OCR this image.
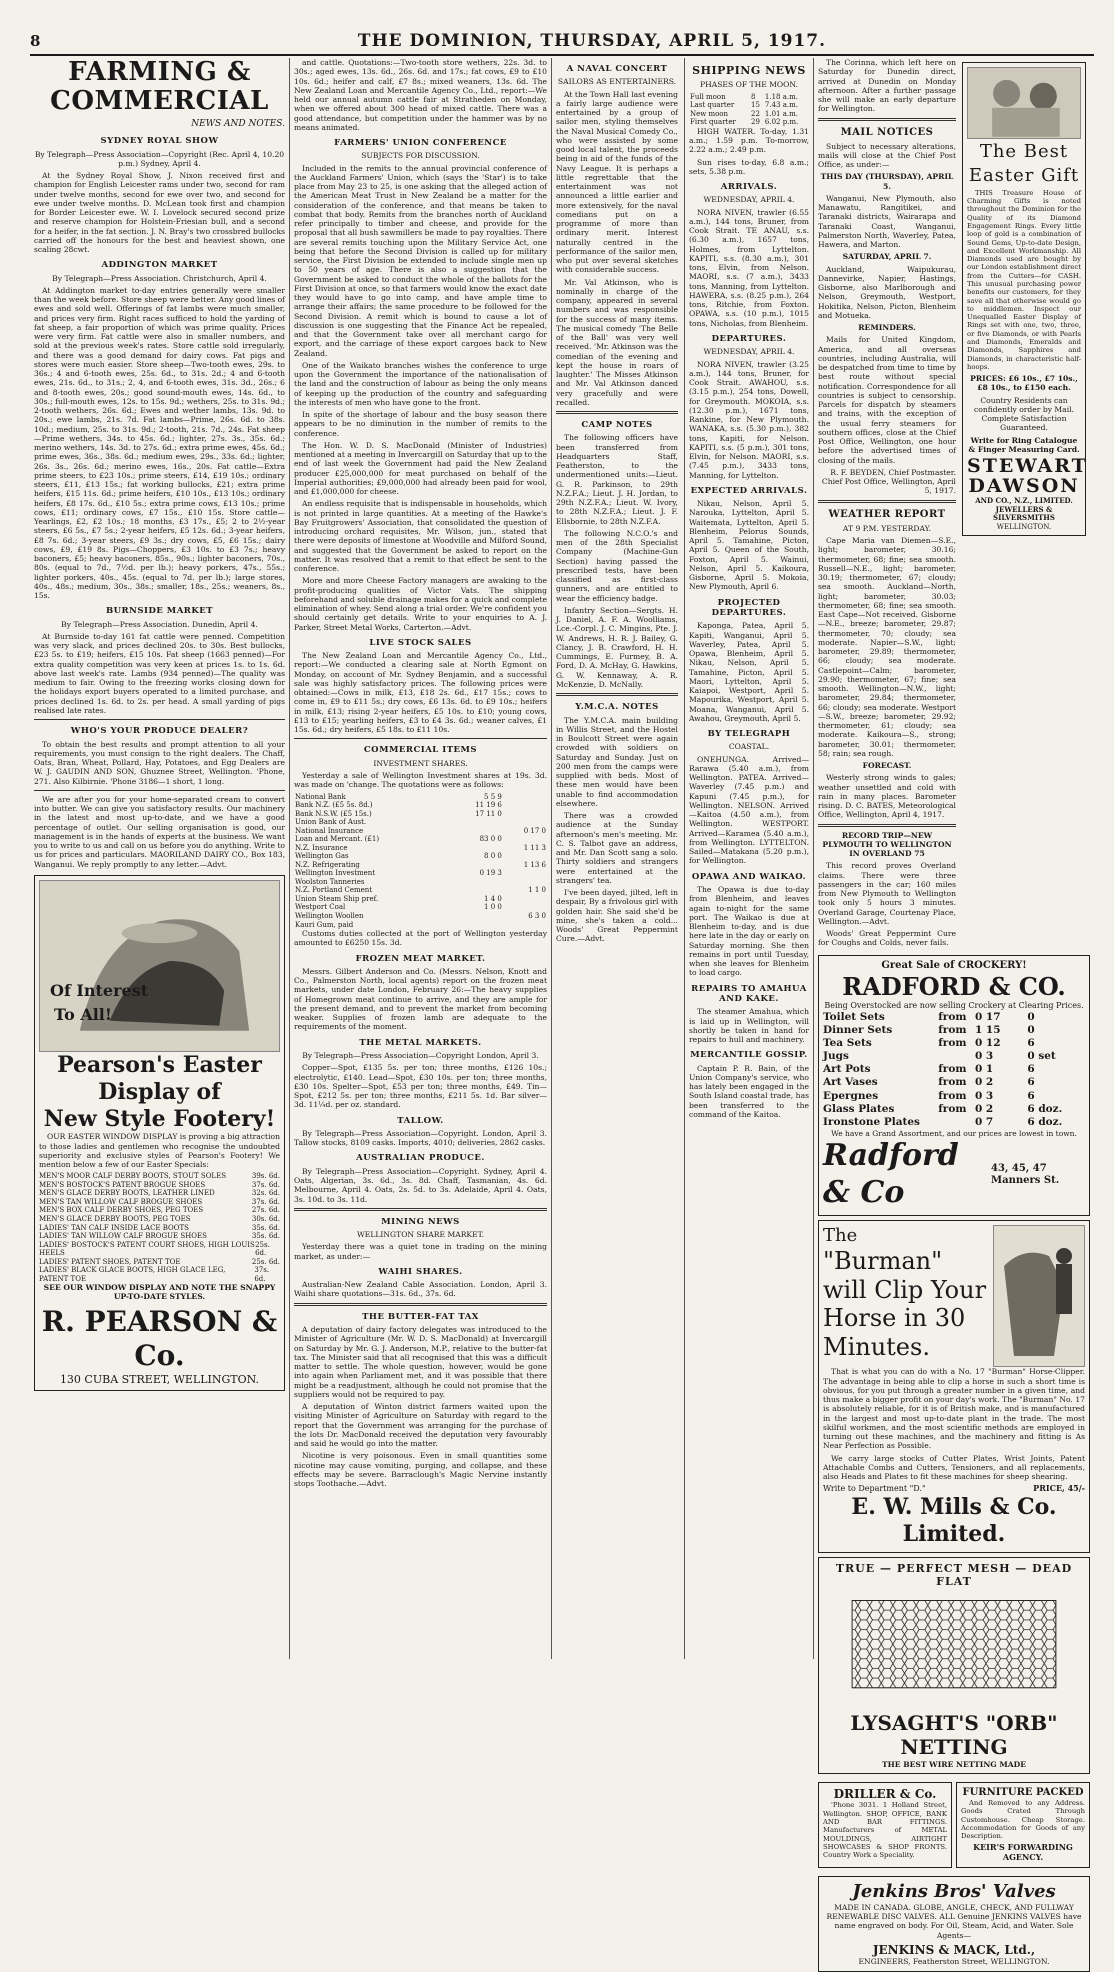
8	THE DOMINION, THURSDAY, APRIL 5, 1917.
FARMING & COMMERCIAL
NEWS AND NOTES.
SYDNEY ROYAL SHOW

By Telegraph—Press Association—Copyright (Rec. April 4, 10.20 p.m.) Sydney, April 4.

At the Sydney Royal Show, J. Nixon received first and champion for English Leicester rams under two, second for ram under twelve months, second for ewe over two, and second for ewe under twelve months. D. McLean took first and champion for Border Leicester ewe. W. I. Lovelock secured second prize and reserve champion for Holstein-Friesian bull, and a second for a heifer, in the fat section. J. N. Bray's two crossbred bullocks carried off the honours for the best and heaviest shown, one scaling 28cwt.

ADDINGTON MARKET

By Telegraph—Press Association. Christchurch, April 4.

At Addington market to-day entries generally were smaller than the week before. Store sheep were better. Any good lines of ewes and sold well. Offerings of fat lambs were much smaller, and prices very firm. Right races sufficed to hold the yarding of fat sheep, a fair proportion of which was prime quality. Prices were very firm. Fat cattle were also in smaller numbers, and sold at the previous week's rates. Store cattle sold irregularly, and there was a good demand for dairy cows. Fat pigs and stores were much easier. Store sheep—Two-tooth ewes, 29s. to 36s.; 4 and 6-tooth ewes, 25s. 6d., to 31s. 2d.; 4 and 6-tooth ewes, 21s. 6d., to 31s.; 2, 4, and 6-tooth ewes, 31s. 3d., 26s.; 6 and 8-tooth ewes, 20s.; good sound-mouth ewes, 14s. 6d., to 30s.; full-mouth ewes, 12s. to 15s. 9d.; wethers, 25s. to 31s. 9d.; 2-tooth wethers, 26s. 6d.; Ewes and wether lambs, 13s. 9d. to 20s.; ewe lambs, 21s. 7d. Fat lambs—Prime, 26s. 6d. to 38s. 10d.; medium, 25s. to 31s. 9d.; 2-tooth, 21s. 7d., 24s. Fat sheep—Prime wethers, 34s. to 45s. 6d.; lighter, 27s. 3s., 35s. 6d.; merino wethers, 14s. 3d. to 27s. 6d.; extra prime ewes, 45s. 6d.; prime ewes, 36s., 38s. 6d.; medium ewes, 29s., 33s. 6d.; lighter, 26s. 3s., 26s. 6d.; merino ewes, 16s., 20s. Fat cattle—Extra prime steers, to £23 10s.; prime steers, £14, £19 10s.; ordinary steers, £11, £13 15s.; fat working bullocks, £21; extra prime heifers, £15 11s. 6d.; prime heifers, £10 10s., £13 10s.; ordinary heifers, £8 17s. 6d., £10 5s.; extra prime cows, £13 10s.; prime cows, £11; ordinary cows, £7 15s., £10 15s. Store cattle—Yearlings, £2, £2 10s.; 18 months, £3 17s., £5; 2 to 2½-year steers, £6 5s., £7 5s.; 2-year heifers, £5 12s. 6d.; 3-year heifers, £8 7s. 6d.; 3-year steers, £9 3s.; dry cows, £5, £6 15s.; dairy cows, £9, £19 8s. Pigs—Choppers, £3 10s. to £3 7s.; heavy baconers, £5; heavy baconers, 85s., 90s.; lighter baconers, 70s., 80s. (equal to 7d., 7½d. per lb.); heavy porkers, 47s., 55s.; lighter porkers, 40s., 45s. (equal to 7d. per lb.); large stores, 40s., 48s.; medium, 30s., 38s.; smaller, 18s., 25s.; weaners, 8s., 15s.

BURNSIDE MARKET

By Telegraph—Press Association. Dunedin, April 4.

At Burnside to-day 161 fat cattle were penned. Competition was very slack, and prices declined 20s. to 30s. Best bullocks, £23 5s. to £19; heifers, £15 10s. Fat sheep (1663 penned)—For extra quality competition was very keen at prices 1s. to 1s. 6d. above last week's rate. Lambs (934 penned)—The quality was medium to fair. Owing to the freezing works closing down for the holidays export buyers operated to a limited purchase, and prices declined 1s. 6d. to 2s. per head. A small yarding of pigs realised late rates.

WHO'S YOUR PRODUCE DEALER?

To obtain the best results and prompt attention to all your requirements, you must consign to the right dealers. The Chaff, Oats, Bran, Wheat, Pollard, Hay, Potatoes, and Egg Dealers are W. J. GAUDIN AND SON, Ghuznee Street, Wellington. 'Phone, 271. Also Kilbirnie. 'Phone 3186—1 short, 1 long.

We are after you for your home-separated cream to convert into butter. We can give you satisfactory results. Our machinery in the latest and most up-to-date, and we have a good percentage of outlet. Our selling organisation is good, our management is in the hands of experts at the business. We want you to write to us and call on us before you do anything. Write to us for prices and particulars. MAORILAND DAIRY CO., Box 183, Wanganui. We reply promptly to any letter.—Advt.

Of Interest
To All!
Pearson's Easter Display of
New Style Footery!

OUR EASTER WINDOW DISPLAY is proving a big attraction to those ladies and gentlemen who recognise the undoubted superiority and exclusive styles of Pearson's Footery! We mention below a few of our Easter Specials:

MEN'S MOOR CALF DERBY BOOTS, STOUT SOLES	39s. 6d.
MEN'S BOSTOCK'S PATENT BROGUE SHOES	37s. 6d.
MEN'S GLACE DERBY BOOTS, LEATHER LINED	32s. 6d.
MEN'S TAN WILLOW CALF BROGUE SHOES	37s. 6d.
MEN'S BOX CALF DERBY SHOES, PEG TOES	27s. 6d.
MEN'S GLACE DERBY BOOTS, PEG TOES	30s. 6d.
LADIES' TAN CALF INSIDE LACE BOOTS	35s. 6d.
LADIES' TAN WILLOW CALF BROGUE SHOES	35s. 6d.
LADIES' BOSTOCK'S PATENT COURT SHOES, HIGH LOUIS HEELS
25s. 6d.
LADIES' PATENT SHOES, PATENT TOE	25s. 6d.
LADIES' BLACK GLACE BOOTS, HIGH GLACE LEG, PATENT TOE
37s. 6d.

SEE OUR WINDOW DISPLAY AND NOTE THE SNAPPY UP-TO-DATE STYLES.

R. PEARSON & Co.
130 CUBA STREET, WELLINGTON.

and cattle. Quotations:—Two-tooth store wethers, 22s. 3d. to 30s.; aged ewes, 13s. 6d., 26s. 6d. and 17s.; fat cows, £9 to £10 10s. 6d.; heifer and calf, £7 8s.; mixed weaners, 13s. 6d. The New Zealand Loan and Mercantile Agency Co., Ltd., report:—We held our annual autumn cattle fair at Stratheden on Monday, when we offered about 300 head of mixed cattle. There was a good attendance, but competition under the hammer was by no means animated.

FARMERS' UNION CONFERENCE

SUBJECTS FOR DISCUSSION.

Included in the remits to the annual provincial conference of the Auckland Farmers' Union, which (says the 'Star') is to take place from May 23 to 25, is one asking that the alleged action of the American Meat Trust in New Zealand be a matter for the consideration of the conference, and that means be taken to combat that body. Remits from the branches north of Auckland refer principally to timber and cheese, and provide for the proposal that all bush sawmillers be made to pay royalties. There are several remits touching upon the Military Service Act, one being that before the Second Division is called up for military service, the First Division be extended to include single men up to 50 years of age. There is also a suggestion that the Government be asked to conduct the whole of the ballots for the First Division at once, so that farmers would know the exact date they would have to go into camp, and have ample time to arrange their affairs; the same procedure to be followed for the Second Division. A remit which is bound to cause a lot of discussion is one suggesting that the Finance Act be repealed, and that the Government take over all merchant cargo for export, and the carriage of these export cargoes back to New Zealand.

One of the Waikato branches wishes the conference to urge upon the Government the importance of the nationalisation of the land and the construction of labour as being the only means of keeping up the production of the country and safeguarding the interests of men who have gone to the front.

In spite of the shortage of labour and the busy season there appears to be no diminution in the number of remits to the conference.

The Hon. W. D. S. MacDonald (Minister of Industries) mentioned at a meeting in Invercargill on Saturday that up to the end of last week the Government had paid the New Zealand producer £25,000,000 for meat purchased on behalf of the Imperial authorities; £9,000,000 had already been paid for wool, and £1,000,000 for cheese.

An endless requisite that is indispensable in households, which is not printed in large quantities. At a meeting of the Hawke's Bay Fruitgrowers' Association, that consolidated the question of introducing orchard requisites, Mr. Wilson, jun., stated that there were deposits of limestone at Woodville and Milford Sound, and suggested that the Government be asked to report on the matter. It was resolved that a remit to that effect be sent to the conference.

More and more Cheese Factory managers are awaking to the profit-producing qualities of Victor Vats. The shipping beforehand and soluble drainage makes for a quick and complete elimination of whey. Send along a trial order. We're confident you should certainly get details. Write to your enquiries to A. J. Parker, Street Metal Works, Carterton.—Advt.

LIVE STOCK SALES

The New Zealand Loan and Mercantile Agency Co., Ltd., report:—We conducted a clearing sale at North Egmont on Monday, on account of Mr. Sydney Benjamin, and a successful sale was highly satisfactory prices. The following prices were obtained:—Cows in milk, £13, £18 2s. 6d., £17 15s.; cows to come in, £9 to £11 5s.; dry cows, £6 13s. 6d. to £9 10s.; heifers in milk, £13; rising 2-year heifers, £5 10s. to £10; young cows, £13 to £15; yearling heifers, £3 to £4 3s. 6d.; weaner calves, £1 15s. 6d.; dry heifers, £5 18s. to £11 10s.

COMMERCIAL ITEMS

INVESTMENT SHARES.

Yesterday a sale of Wellington Investment shares at 19s. 3d. was made on 'change. The quotations were as follows:

National Bank	5 5 9	
Bank N.Z. (£5 5s. 8d.)	11 19 6	
Bank N.S.W. (£5 15s.)	17 11 0	
Union Bank of Aust.		
National Insurance		0 17 0
Loan and Mercant. (£1)	83 0 0	
N.Z. Insurance		1 11 3
Wellington Gas	8 0 0	
N.Z. Refrigerating		1 13 6
Wellington Investment	0 19 3	
Woolston Tanneries		
N.Z. Portland Cement		1 1 0
Union Steam Ship pref.	1 4 0	
Westport Coal	1 0 0	
Wellington Woollen		6 3 0
Kauri Gum, paid		

Customs duties collected at the port of Wellington yesterday amounted to £6250 15s. 3d.

FROZEN MEAT MARKET.

Messrs. Gilbert Anderson and Co. (Messrs. Nelson, Knott and Co., Palmerston North, local agents) report on the frozen meat markets, under date London, February 26:—The heavy supplies of Homegrown meat continue to arrive, and they are ample for the present demand, and to prevent the market from becoming weaker. Supplies of frozen lamb are adequate to the requirements of the moment.

THE METAL MARKETS.

By Telegraph—Press Association—Copyright London, April 3.

Copper—Spot, £135 5s. per ton; three months, £126 10s.; electrolytic, £140. Lead—Spot, £30 10s. per ton; three months, £30 10s. Spelter—Spot, £53 per ton; three months, £49. Tin—Spot, £212 5s. per ton; three months, £211 5s. 1d. Bar silver—3d. 11¼d. per oz. standard.

TALLOW.

By Telegraph—Press Association—Copyright. London, April 3. Tallow stocks, 8109 casks. Imports, 4010; deliveries, 2862 casks.

AUSTRALIAN PRODUCE.

By Telegraph—Press Association—Copyright. Sydney, April 4. Oats, Algerian, 3s. 6d., 3s. 8d. Chaff, Tasmanian, 4s. 6d. Melbourne, April 4. Oats, 2s. 5d. to 3s. Adelaide, April 4. Oats, 3s. 10d. to 3s. 11d.

MINING NEWS

WELLINGTON SHARE MARKET.

Yesterday there was a quiet tone in trading on the mining market, as under:—

WAIHI SHARES.

Australian-New Zealand Cable Association. London, April 3. Waihi share quotations—31s. 6d., 37s. 6d.

THE BUTTER-FAT TAX

A deputation of dairy factory delegates was introduced to the Minister of Agriculture (Mr. W. D. S. MacDonald) at Invercargill on Saturday by Mr. G. J. Anderson, M.P., relative to the butter-fat tax. The Minister said that all recognised that this was a difficult matter to settle. The whole question, however, would be gone into again when Parliament met, and it was possible that there might be a readjustment, although he could not promise that the suppliers would not be required to pay.

A deputation of Winton district farmers waited upon the visiting Minister of Agriculture on Saturday with regard to the report that the Government was arranging for the purchase of the lots Dr. MacDonald received the deputation very favourably and said he would go into the matter.

Nicotine is very poisonous. Even in small quantities some nicotine may cause vomiting, purging, and collapse, and these effects may be severe. Barraclough's Magic Nervine instantly stops Toothache.—Advt.

A NAVAL CONCERT

SAILORS AS ENTERTAINERS.

At the Town Hall last evening a fairly large audience were entertained by a group of sailor men, styling themselves the Naval Musical Comedy Co., who were assisted by some good local talent, the proceeds being in aid of the funds of the Navy League. It is perhaps a little regrettable that the entertainment was not announced a little earlier and more extensively, for the naval comedians put on a programme of more than ordinary merit. Interest naturally centred in the performance of the sailor men, who put over several sketches with considerable success.

Mr. Val Atkinson, who is nominally in charge of the company, appeared in several numbers and was responsible for the success of many items. The musical comedy 'The Belle of the Ball' was very well received. 'Mr. Atkinson was the comedian of the evening and kept the house in roars of laughter.' The Misses Atkinson and Mr. Val Atkinson danced very gracefully and were recalled.

CAMP NOTES

The following officers have been transferred from Headquarters Staff, Featherston, to the undermentioned units:—Lieut. G. R. Parkinson, to 29th N.Z.F.A.; Lieut. J. H. Jordan, to 29th N.Z.F.A.; Lieut. W. Ivory, to 28th N.Z.F.A.; Lieut. J. F. Ellsbornie, to 28th N.Z.F.A.

The following N.C.O.'s and men of the 28th Specialist Company (Machine-Gun Section) having passed the prescribed tests, have been classified as first-class gunners, and are entitled to wear the efficiency badge.

Infantry Section—Sergts. H. J. Daniel, A. F. A. Woolliams, Lce.-Corpl. J. C. Mingins, Pte. J. W. Andrews, H. R. J. Bailey, G. Clancy, J. B. Crawford, H. H. Cummings, E. Furmey, B. A. Ford, D. A. McHay, G. Hawkins, G. W. Kennaway, A. R. McKenzie, D. McNally.

Y.M.C.A. NOTES

The Y.M.C.A. main building in Willis Street, and the Hostel in Boulcott Street were again crowded with soldiers on Saturday and Sunday. Just on 200 men from the camps were supplied with beds. Most of these men would have been unable to find accommodation elsewhere.

There was a crowded audience at the Sunday afternoon's men's meeting. Mr. C. S. Talbot gave an address, and Mr. Dan Scott sang a solo. Thirty soldiers and strangers were entertained at the strangers' tea.

I've been dayed, jilted, left in despair, By a frivolous girl with golden hair. She said she'd be mine, she's taken a cold... Woods' Great Peppermint Cure.—Advt.

SHIPPING NEWS

PHASES OF THE MOON.

Full moon	8	1.18 a.m.
Last quarter	15	7.43 a.m.
New moon	22	1.01 a.m.
First quarter	29	6.02 p.m.

HIGH WATER. To-day, 1.31 a.m.; 1.59 p.m. To-morrow, 2.22 a.m.; 2.49 p.m.

Sun rises to-day, 6.8 a.m.; sets, 5.38 p.m.

ARRIVALS.

WEDNESDAY, APRIL 4.

NORA NIVEN, trawler (6.55 a.m.), 144 tons, Bruner, from Cook Strait. TE ANAU, s.s. (6.30 a.m.), 1657 tons, Holmes, from Lyttelton. KAPITI, s.s. (8.30 a.m.), 301 tons, Elvin, from Nelson. MAORI, s.s. (7 a.m.), 3433 tons, Manning, from Lyttelton. HAWERA, s.s. (8.25 p.m.), 264 tons, Ritchie, from Foxton. OPAWA, s.s. (10 p.m.), 1015 tons, Nicholas, from Blenheim.

DEPARTURES.

WEDNESDAY, APRIL 4.

NORA NIVEN, trawler (3.25 a.m.), 144 tons, Bruner, for Cook Strait. AWAHOU, s.s. (3.15 p.m.), 254 tons, Dowell, for Greymouth. MOKOIA, s.s. (12.30 p.m.), 1671 tons, Rankine, for New Plymouth. WANAKA, s.s. (5.30 p.m.), 382 tons, Kapiti, for Nelson. KAPITI, s.s. (5 p.m.), 301 tons, Elvin, for Nelson. MAORI, s.s. (7.45 p.m.), 3433 tons, Manning, for Lyttelton.

EXPECTED ARRIVALS.

Nikau, Nelson, April 5. Narouka, Lyttelton, April 5. Waitemata, Lyttelton, April 5. Blenheim, Pelorus Sounds, April 5. Tamahine, Picton, April 5. Queen of the South, Foxton, April 5. Wainui, Nelson, April 5. Kaikoura, Gisborne, April 5. Mokoia, New Plymouth, April 6.

PROJECTED DEPARTURES.

Kaponga, Patea, April 5. Kapiti, Wanganui, April 5. Waverley, Patea, April 5. Opawa, Blenheim, April 5. Nikau, Nelson, April 5. Tamahine, Picton, April 5. Maori, Lyttelton, April 5. Kaiapoi, Westport, April 5. Mapourika, Westport, April 5. Moana, Wanganui, April 5. Awahou, Greymouth, April 5.

BY TELEGRAPH

COASTAL.

ONEHUNGA. Arrived—Rarawa (5.40 a.m.), from Wellington. PATEA. Arrived—Waverley (7.45 p.m.) and Kapuni (7.45 p.m.), for Wellington. NELSON. Arrived—Kaitoa (4.50 a.m.), from Wellington. WESTPORT. Arrived—Karamea (5.40 a.m.), from Wellington. LYTTELTON. Sailed—Matakana (5.20 p.m.), for Wellington.

OPAWA AND WAIKAO.

The Opawa is due to-day from Blenheim, and leaves again to-night for the same port. The Waikao is due at Blenheim to-day, and is due here late in the day or early on Saturday morning. She then remains in port until Tuesday, when she leaves for Blenheim to load cargo.

REPAIRS TO AMAHUA AND KAKE.

The steamer Amahua, which is laid up in Wellington, will shortly be taken in hand for repairs to hull and machinery.

MERCANTILE GOSSIP.

Captain P. R. Bain, of the Union Company's service, who has lately been engaged in the South Island coastal trade, has been transferred to the command of the Kaitoa.

The Corinna, which left here on Saturday for Dunedin direct, arrived at Dunedin on Monday afternoon. After a further passage she will make an early departure for Wellington.

MAIL NOTICES

Subject to necessary alterations, mails will close at the Chief Post Office, as under:—

THIS DAY (THURSDAY), APRIL 5.

Wanganui, New Plymouth, also Manawatu, Rangitikei, and Taranaki districts, Wairarapa and Taranaki Coast, Wanganui, Palmerston North, Waverley, Patea, Hawera, and Marton.

SATURDAY, APRIL 7.

Auckland, Waipukurau, Dannevirke, Napier, Hastings, Gisborne, also Marlborough and Nelson, Greymouth, Westport, Hokitika, Nelson, Picton, Blenheim and Motueka.

REMINDERS.

Mails for United Kingdom, America, and all overseas countries, including Australia, will be despatched from time to time by best route without special notification. Correspondence for all countries is subject to censorship. Parcels for dispatch by steamers and trains, with the exception of the usual ferry steamers for southern offices, close at the Chief Post Office, Wellington, one hour before the advertised times of closing of the mails.

R. F. BEYDEN, Chief Postmaster. Chief Post Office, Wellington, April 5, 1917.

WEATHER REPORT

AT 9 P.M. YESTERDAY.

Cape Maria van Diemen—S.E., light; barometer, 30.16; thermometer, 68; fine; sea smooth. Russell—N.E., light; barometer, 30.19; thermometer, 67; cloudy; sea smooth. Auckland—North, light; barometer, 30.03; thermometer, 68; fine; sea smooth. East Cape—Not received. Gisborne—N.E., breeze; barometer, 29.87; thermometer, 70; cloudy; sea moderate. Napier—S.W., light; barometer, 29.89; thermometer, 66; cloudy; sea moderate. Castlepoint—Calm; barometer, 29.90; thermometer, 67; fine; sea smooth. Wellington—N.W., light; barometer, 29.84; thermometer, 66; cloudy; sea moderate. Westport—S.W., breeze; barometer, 29.92; thermometer, 61; cloudy; sea moderate. Kaikoura—S., strong; barometer, 30.01; thermometer, 58; rain; sea rough.

FORECAST.

Westerly strong winds to gales; weather unsettled and cold with rain in many places. Barometer rising. D. C. BATES, Meteorological Office, Wellington, April 4, 1917.

RECORD TRIP—NEW PLYMOUTH TO WELLINGTON IN OVERLAND 75

This record proves Overland claims. There were three passengers in the car; 160 miles from New Plymouth to Wellington took only 5 hours 3 minutes. Overland Garage, Courtenay Place, Wellington.—Advt.

Woods' Great Peppermint Cure for Coughs and Colds, never fails.

The Best
Easter Gift

THIS Treasure House of Charming Gifts is noted throughout the Dominion for the Quality of its Diamond Engagement Rings. Every little loop of gold is a combination of Sound Gems, Up-to-date Design, and Excellent Workmanship. All Diamonds used are bought by our London establishment direct from the Cutters—for CASH. This unusual purchasing power benefits our customers, for they save all that otherwise would go to middlemen. Inspect our Unequalled Easter Display of Rings set with one, two, three, or five Diamonds, or with Pearls and Diamonds, Emeralds and Diamonds, Sapphires and Diamonds, in characteristic half-hoops.

PRICES: £6 10s., £7 10s., £8 10s., to £150 each.

Country Residents can confidently order by Mail. Complete Satisfaction Guaranteed.

Write for Ring Catalogue & Finger Measuring Card.

STEWART
DAWSON
AND CO., N.Z., LIMITED.
JEWELLERS & SILVERSMITHS
WELLINGTON.
Great Sale of CROCKERY!
RADFORD & CO.
Being Overstocked are now selling Crockery at Clearing Prices.
Toilet Sets	from 0 17	0
Dinner Sets	from 1 15	0
Tea Sets	from 0 12	6
Jugs	0 3	0 set
Art Pots	from 0 1	6
Art Vases	from 0 2	6
Epergnes	from 0 3	6
Glass Plates	from 0 2	6 doz.
Ironstone Plates	0 7	6 doz.
We have a Grand Assortment, and our prices are lowest in town.
Radford & Co
43, 45, 47 Manners St.
The
"Burman"
will Clip Your
Horse in 30
Minutes.

That is what you can do with a No. 17 "Burman" Horse-Clipper. The advantage in being able to clip a horse in such a short time is obvious, for you put through a greater number in a given time, and thus make a bigger profit on your day's work. The "Burman" No. 17 is absolutely reliable, for it is of British make, and is manufactured in the largest and most up-to-date plant in the trade. The most skilful workmen, and the most scientific methods are employed in turning out these machines, and the machinery and fitting is As Near Perfection as Possible.

We carry large stocks of Cutter Plates, Wrist Joints, Patent Attachable Combs and Cutters, Tensioners, and all replacements, also Heads and Plates to fit these machines for sheep shearing.

Write to Department "D."	PRICE, 45/-
E. W. Mills & Co. Limited.
TRUE — PERFECT MESH — DEAD FLAT
LYSAGHT'S "ORB" NETTING
THE BEST WIRE NETTING MADE
DRILLER & Co.

'Phone 3031. 1 Holland Street, Wellington. SHOP, OFFICE, BANK AND BAR FITTINGS. Manufacturers of METAL MOULDINGS, AIRTIGHT SHOWCASES & SHOP FRONTS. Country Work a Speciality.

FURNITURE PACKED

And Removed to any Address. Goods Crated Through Customhouse. Cheap Storage. Accommodation for Goods of any Description.

KEIR'S FORWARDING AGENCY.
Jenkins Bros' Valves

MADE IN CANADA. GLOBE, ANGLE, CHECK, AND FULLWAY RENEWABLE DISC VALVES. ALL Genuine JENKINS VALVES have name engraved on body. For Oil, Steam, Acid, and Water. Sole Agents—

JENKINS & MACK, Ltd.,
ENGINEERS, Featherston Street, WELLINGTON.
